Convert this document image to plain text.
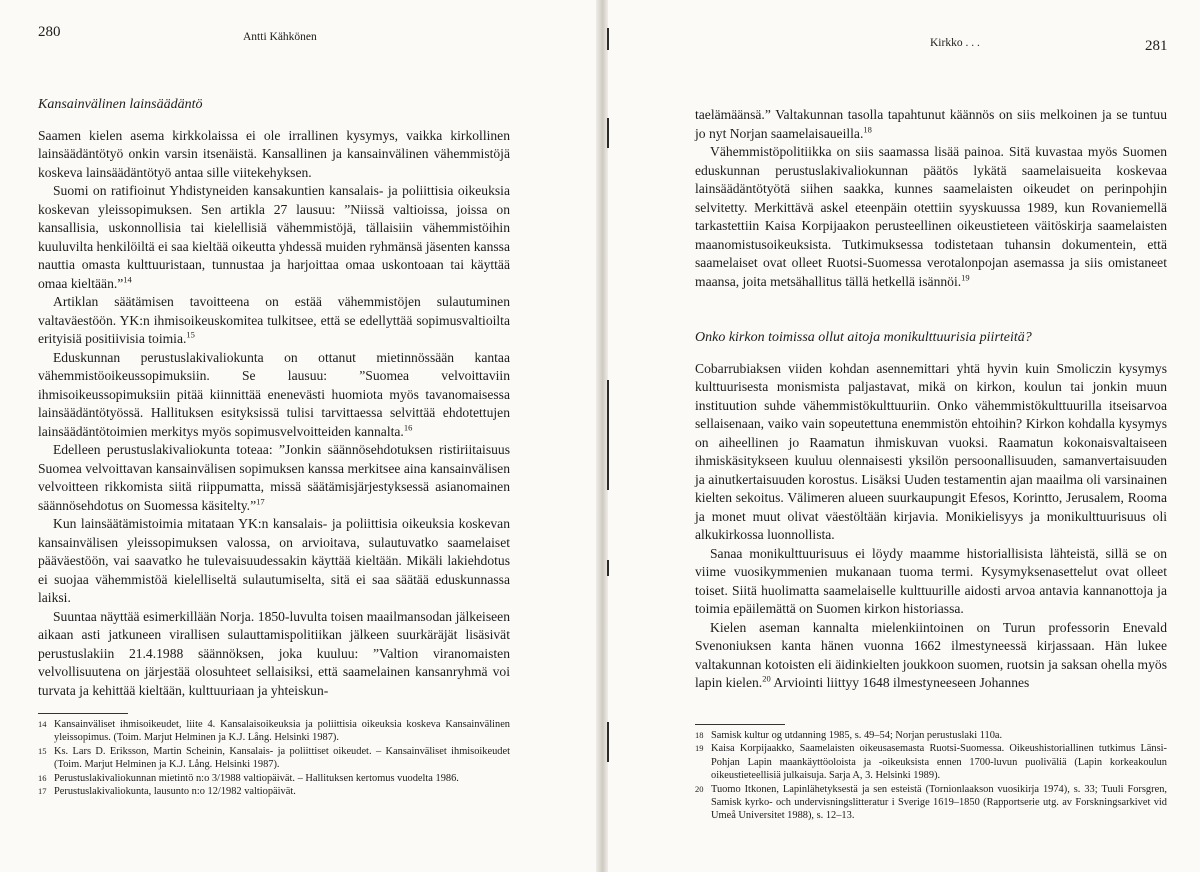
280	Antti Kähkönen
Kansainvälinen lainsäädäntö

Saamen kielen asema kirkkolaissa ei ole irrallinen kysymys, vaikka kirkollinen lainsäädäntötyö onkin varsin itsenäistä. Kansallinen ja kansainvälinen vähemmistöjä koskeva lainsäädäntötyö antaa sille viitekehyksen.

Suomi on ratifioinut Yhdistyneiden kansakuntien kansalais- ja poliittisia oikeuksia koskevan yleissopimuksen. Sen artikla 27 lausuu: ”Niissä valtioissa, joissa on kansallisia, uskonnollisia tai kielellisiä vähemmistöjä, tällaisiin vähemmistöihin kuuluvilta henkilöiltä ei saa kieltää oikeutta yhdessä muiden ryhmänsä jäsenten kanssa nauttia omasta kulttuuristaan, tunnustaa ja harjoittaa omaa uskontoaan tai käyttää omaa kieltään.”$^{14}$

Artiklan säätämisen tavoitteena on estää vähemmistöjen sulautuminen valtaväestöön. YK:n ihmisoikeuskomitea tulkitsee, että se edellyttää sopimusvaltioilta erityisiä positiivisia toimia.$^{15}$

Eduskunnan perustuslakivaliokunta on ottanut mietinnössään kantaa vähemmistöoikeussopimuksiin. Se lausuu: ”Suomea velvoittaviin ihmisoikeussopimuksiin pitää kiinnittää enenevästi huomiota myös tavanomaisessa lainsäädäntötyössä. Hallituksen esityksissä tulisi tarvittaessa selvittää ehdotettujen lainsäädäntötoimien merkitys myös sopimusvelvoitteiden kannalta.$^{16}$

Edelleen perustuslakivaliokunta toteaa: ”Jonkin säännösehdotuksen ristiriitaisuus Suomea velvoittavan kansainvälisen sopimuksen kanssa merkitsee aina kansainvälisen velvoitteen rikkomista siitä riippumatta, missä säätämisjärjestyksessä asianomainen säännösehdotus on Suomessa käsitelty.”$^{17}$

Kun lainsäätämistoimia mitataan YK:n kansalais- ja poliittisia oikeuksia koskevan kansainvälisen yleissopimuksen valossa, on arvioitava, sulautuvatko saamelaiset pääväestöön, vai saavatko he tulevaisuudessakin käyttää kieltään. Mikäli lakiehdotus ei suojaa vähemmistöä kielelliseltä sulautumiselta, sitä ei saa säätää eduskunnassa laiksi.

Suuntaa näyttää esimerkillään Norja. 1850-luvulta toisen maailmansodan jälkeiseen aikaan asti jatkuneen virallisen sulauttamispolitiikan jälkeen suurkäräjät lisäsivät perustuslakiin 21.4.1988 säännöksen, joka kuuluu: ”Valtion viranomaisten velvollisuutena on järjestää olosuhteet sellaisiksi, että saamelainen kansanryhmä voi turvata ja kehittää kieltään, kulttuuriaan ja yhteiskun-

14 Kansainväliset ihmisoikeudet, liite 4. Kansalaisoikeuksia ja poliittisia oikeuksia koskeva Kansainvälinen yleissopimus. (Toim. Marjut Helminen ja K.J. Lång. Helsinki 1987).
15 Ks. Lars D. Eriksson, Martin Scheinin, Kansalais- ja poliittiset oikeudet. – Kansainväliset ihmisoikeudet (Toim. Marjut Helminen ja K.J. Lång. Helsinki 1987).
16 Perustuslakivaliokunnan mietintö n:o 3/1988 valtiopäivät. – Hallituksen kertomus vuodelta 1986.
17 Perustuslakivaliokunta, lausunto n:o 12/1982 valtiopäivät.
Kirkko . . .	281

taelämäänsä.” Valtakunnan tasolla tapahtunut käännös on siis melkoinen ja se tuntuu jo nyt Norjan saamelaisaueilla.$^{18}$

Vähemmistöpolitiikka on siis saamassa lisää painoa. Sitä kuvastaa myös Suomen eduskunnan perustuslakivaliokunnan päätös lykätä saamelaisueita koskevaa lainsäädäntötyötä siihen saakka, kunnes saamelaisten oikeudet on perinpohjin selvitetty. Merkittävä askel eteenpäin otettiin syyskuussa 1989, kun Rovaniemellä tarkastettiin Kaisa Korpijaakon perusteellinen oikeustieteen väitöskirja saamelaisten maanomistusoikeuksista. Tutkimuksessa todistetaan tuhansin dokumentein, että saamelaiset ovat olleet Ruotsi-Suomessa verotalonpojan asemassa ja siis omistaneet maansa, joita metsähallitus tällä hetkellä isännöi.$^{19}$

Onko kirkon toimissa ollut aitoja monikulttuurisia piirteitä?

Cobarrubiaksen viiden kohdan asennemittari yhtä hyvin kuin Smoliczin kysymys kulttuurisesta monismista paljastavat, mikä on kirkon, koulun tai jonkin muun instituution suhde vähemmistökulttuuriin. Onko vähemmistökulttuurilla itseisarvoa sellaisenaan, vaiko vain sopeutettuna enemmistön ehtoihin? Kirkon kohdalla kysymys on aiheellinen jo Raamatun ihmiskuvan vuoksi. Raamatun kokonaisvaltaiseen ihmiskäsitykseen kuuluu olennaisesti yksilön persoonallisuuden, samanvertaisuuden ja ainutkertaisuuden korostus. Lisäksi Uuden testamentin ajan maailma oli varsinainen kielten sekoitus. Välimeren alueen suurkaupungit Efesos, Korintto, Jerusalem, Rooma ja monet muut olivat väestöltään kirjavia. Monikielisyys ja monikulttuurisuus oli alkukirkossa luonnollista.

Sanaa monikulttuurisuus ei löydy maamme historiallisista lähteistä, sillä se on viime vuosikymmenien mukanaan tuoma termi. Kysymyksenasettelut ovat olleet toiset. Siitä huolimatta saamelaiselle kulttuurille aidosti arvoa antavia kannanottoja ja toimia epäilemättä on Suomen kirkon historiassa.

Kielen aseman kannalta mielenkiintoinen on Turun professorin Enevald Svenoniuksen kanta hänen vuonna 1662 ilmestyneessä kirjassaan. Hän lukee valtakunnan kotoisten eli äidinkielten joukkoon suomen, ruotsin ja saksan ohella myös lapin kielen.$^{20}$ Arviointi liittyy 1648 ilmestyneeseen Johannes

18 Samisk kultur og utdanning 1985, s. 49–54; Norjan perustuslaki 110a.
19 Kaisa Korpijaakko, Saamelaisten oikeusasemasta Ruotsi-Suomessa. Oikeushistoriallinen tutkimus Länsi-Pohjan Lapin maankäyttöoloista ja -oikeuksista ennen 1700-luvun puoliväliä (Lapin korkeakoulun oikeustieteellisiä julkaisuja. Sarja A, 3. Helsinki 1989).
20 Tuomo Itkonen, Lapinlähetyksestä ja sen esteistä (Tornionlaakson vuosikirja 1974), s. 33; Tuuli Forsgren, Samisk kyrko- och undervisningslitteratur i Sverige 1619–1850 (Rapportserie utg. av Forskningsarkivet vid Umeå Universitet 1988), s. 12–13.
